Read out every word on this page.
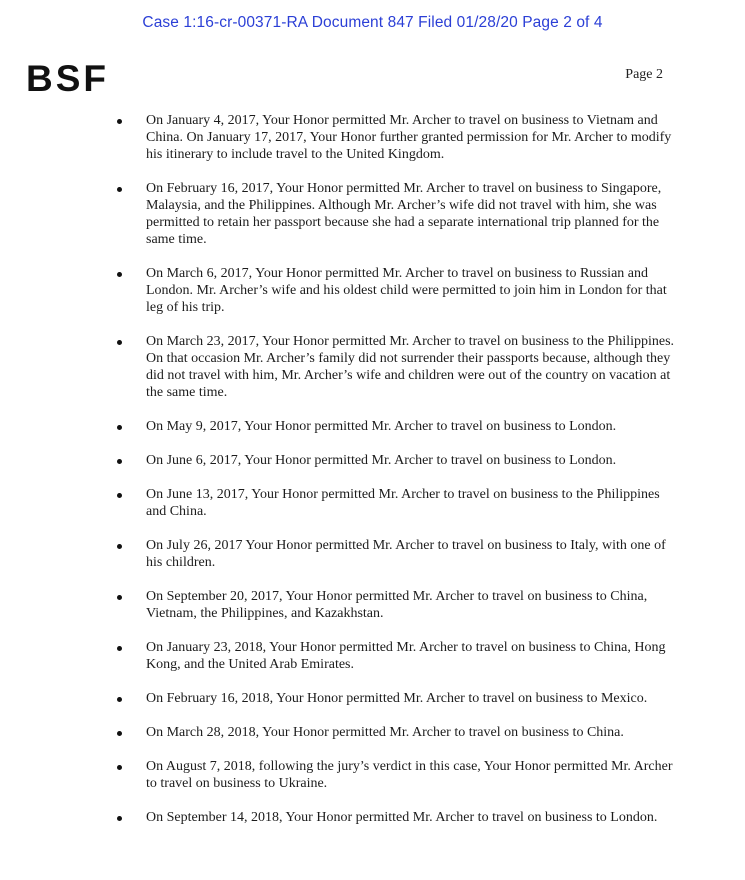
Case 1:16-cr-00371-RA Document 847 Filed 01/28/20 Page 2 of 4
BSF	Page 2
On January 4, 2017, Your Honor permitted Mr. Archer to travel on business to Vietnam and China. On January 17, 2017, Your Honor further granted permission for Mr. Archer to modify his itinerary to include travel to the United Kingdom.
On February 16, 2017, Your Honor permitted Mr. Archer to travel on business to Singapore, Malaysia, and the Philippines. Although Mr. Archer’s wife did not travel with him, she was permitted to retain her passport because she had a separate international trip planned for the same time.
On March 6, 2017, Your Honor permitted Mr. Archer to travel on business to Russian and London. Mr. Archer’s wife and his oldest child were permitted to join him in London for that leg of his trip.
On March 23, 2017, Your Honor permitted Mr. Archer to travel on business to the Philippines. On that occasion Mr. Archer’s family did not surrender their passports because, although they did not travel with him, Mr. Archer’s wife and children were out of the country on vacation at the same time.
On May 9, 2017, Your Honor permitted Mr. Archer to travel on business to London.
On June 6, 2017, Your Honor permitted Mr. Archer to travel on business to London.
On June 13, 2017, Your Honor permitted Mr. Archer to travel on business to the Philippines and China.
On July 26, 2017 Your Honor permitted Mr. Archer to travel on business to Italy, with one of his children.
On September 20, 2017, Your Honor permitted Mr. Archer to travel on business to China, Vietnam, the Philippines, and Kazakhstan.
On January 23, 2018, Your Honor permitted Mr. Archer to travel on business to China, Hong Kong, and the United Arab Emirates.
On February 16, 2018, Your Honor permitted Mr. Archer to travel on business to Mexico.
On March 28, 2018, Your Honor permitted Mr. Archer to travel on business to China.
On August 7, 2018, following the jury’s verdict in this case, Your Honor permitted Mr. Archer to travel on business to Ukraine.
On September 14, 2018, Your Honor permitted Mr. Archer to travel on business to London.
